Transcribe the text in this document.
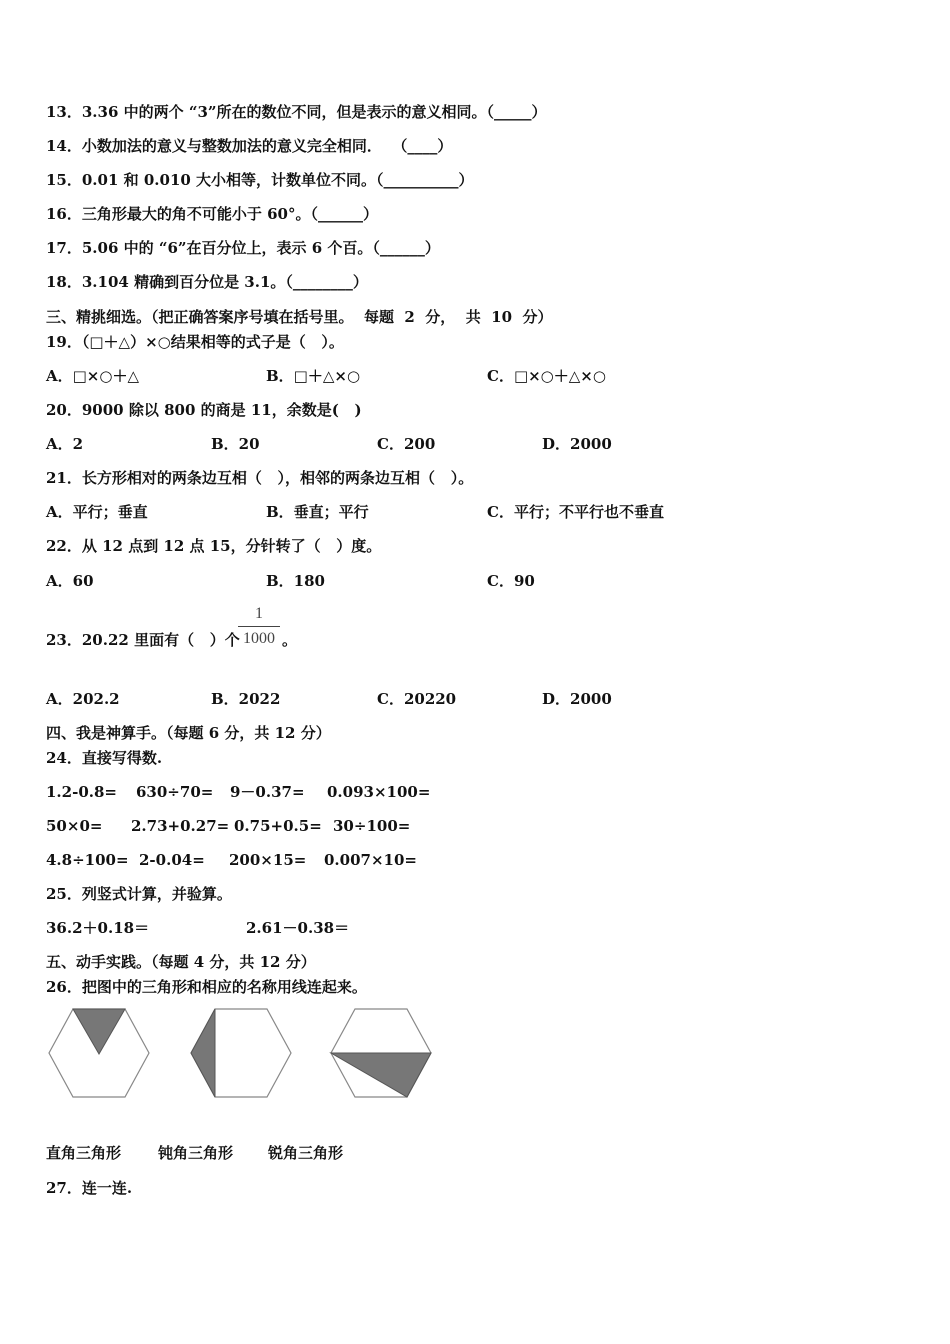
13．3.36 中的两个 “3”所在的数位不同，但是表示的意义相同。（_____）
14．小数加法的意义与整数加法的意义完全相同．  （____）
15．0.01 和 0.010 大小相等，计数单位不同。（__________）
16．三角形最大的角不可能小于 60°。（______）
17．5.06 中的 “6”在百分位上，表示 6 个百。（______）
18．3.104 精确到百分位是 3.1。（________）
三、精挑细选。（把正确答案序号填在括号里。  每题  2  分，  共  10  分）
19．（□＋△）×○结果相等的式子是（   ）。
A．□×○＋△	B．□＋△×○	C．□×○＋△×○
20．9000 除以 800 的商是 11，余数是(   )
A．2	B．20	C．200	D．2000
21．长方形相对的两条边互相（   ），相邻的两条边互相（   ）。
A．平行；垂直	B．垂直；平行	C．平行；不平行也不垂直
22．从 12 点到 12 点 15，分针转了（   ）度。
A．60	B．180	C．90
23．20.22 里面有（   ）个
1
1000 。
A．202.2	B．2022	C．20220	D．2000
四、我是神算手。（每题 6 分，共 12 分）
24．直接写得数.
1.2-0.8= 630÷70= 9－0.37= 0.093×100=
50×0= 2.73+0.27= 0.75+0.5= 30÷100=
4.8÷100= 2-0.04= 200×15= 0.007×10=
25．列竖式计算，并验算。
36.2＋0.18＝	2.61－0.38＝
五、动手实践。（每题 4 分，共 12 分）
26．把图中的三角形和相应的名称用线连起来。
直角三角形 钝角三角形 锐角三角形
27．连一连.
